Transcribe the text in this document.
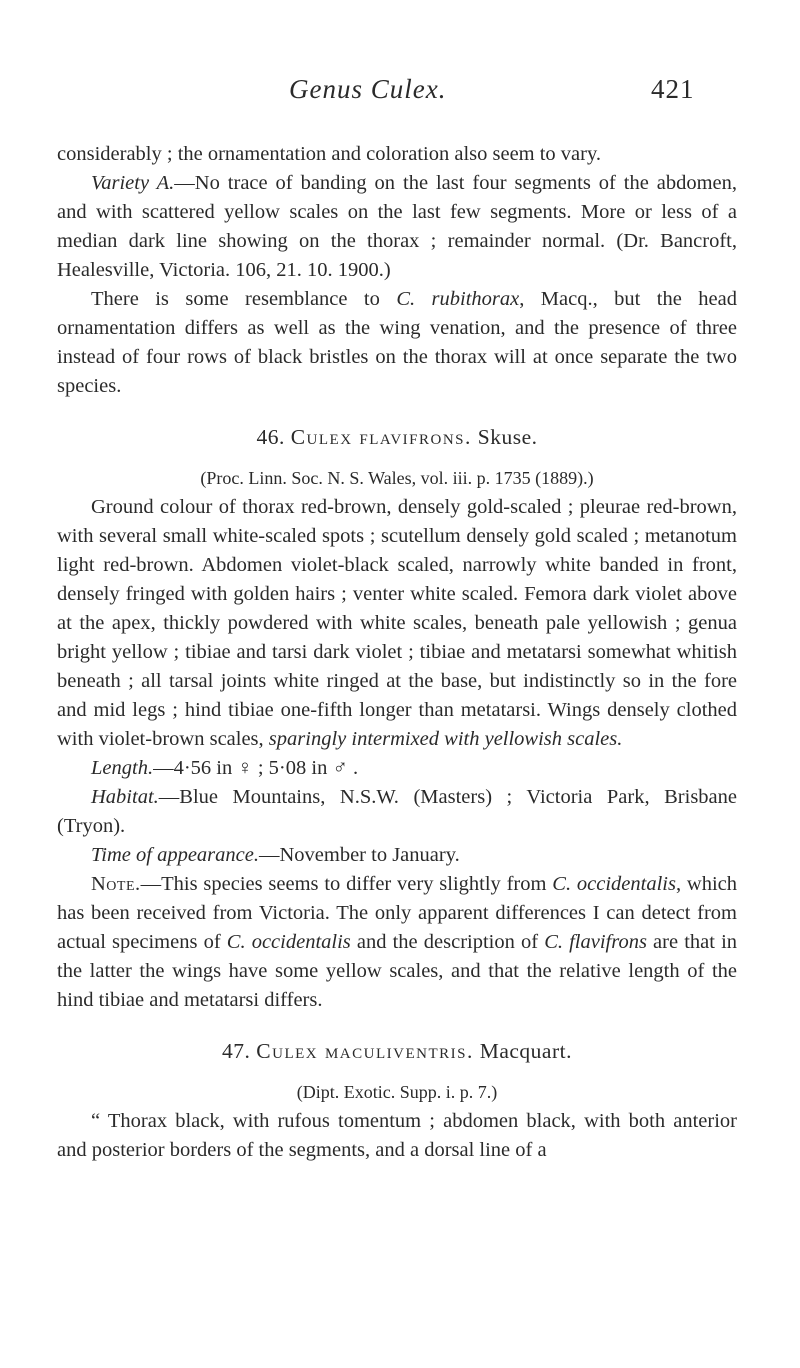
Genus Culex.	421

considerably ; the ornamentation and coloration also seem to vary.

Variety A.—No trace of banding on the last four segments of the abdomen, and with scattered yellow scales on the last few segments. More or less of a median dark line showing on the thorax ; remainder normal. (Dr. Bancroft, Healesville, Victoria. 106, 21. 10. 1900.)

There is some resemblance to C. rubithorax, Macq., but the head ornamentation differs as well as the wing venation, and the presence of three instead of four rows of black bristles on the thorax will at once separate the two species.

46. Culex flavifrons. Skuse.

(Proc. Linn. Soc. N. S. Wales, vol. iii. p. 1735 (1889).)

Ground colour of thorax red-brown, densely gold-scaled ; pleurae red-brown, with several small white-scaled spots ; scutellum densely gold scaled ; metanotum light red-brown. Abdomen violet-black scaled, narrowly white banded in front, densely fringed with golden hairs ; venter white scaled. Femora dark violet above at the apex, thickly powdered with white scales, beneath pale yellowish ; genua bright yellow ; tibiae and tarsi dark violet ; tibiae and metatarsi somewhat whitish beneath ; all tarsal joints white ringed at the base, but indistinctly so in the fore and mid legs ; hind tibiae one-fifth longer than metatarsi. Wings densely clothed with violet-brown scales, sparingly intermixed with yellowish scales.

Length.—4·56 in ♀ ; 5·08 in ♂ .

Habitat.—Blue Mountains, N.S.W. (Masters) ; Victoria Park, Brisbane (Tryon).

Time of appearance.—November to January.

Note.—This species seems to differ very slightly from C. occidentalis, which has been received from Victoria. The only apparent differences I can detect from actual specimens of C. occidentalis and the description of C. flavifrons are that in the latter the wings have some yellow scales, and that the relative length of the hind tibiae and metatarsi differs.

47. Culex maculiventris. Macquart.

(Dipt. Exotic. Supp. i. p. 7.)

“ Thorax black, with rufous tomentum ; abdomen black, with both anterior and posterior borders of the segments, and a dorsal line of a
